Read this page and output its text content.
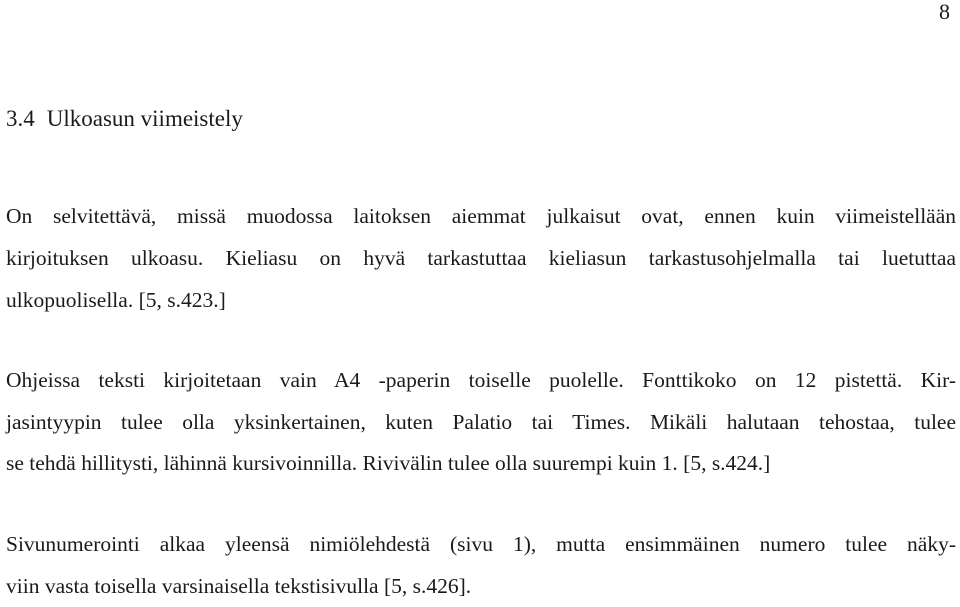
8
3.4 Ulkoasun viimeistely

On selvitettävä, missä muodossa laitoksen aiemmat julkaisut ovat, ennen kuin viimeistellään
kirjoituksen ulkoasu. Kieliasu on hyvä tarkastuttaa kieliasun tarkastusohjelmalla tai luetuttaa
ulkopuolisella. [5, s.423.]

Ohjeissa teksti kirjoitetaan vain A4 -paperin toiselle puolelle. Fonttikoko on 12 pistettä. Kir-
jasintyypin tulee olla yksinkertainen, kuten Palatio tai Times. Mikäli halutaan tehostaa, tulee
se tehdä hillitysti, lähinnä kursivoinnilla. Rivivälin tulee olla suurempi kuin 1. [5, s.424.]

Sivunumerointi alkaa yleensä nimiölehdestä (sivu 1), mutta ensimmäinen numero tulee näky-
viin vasta toisella varsinaisella tekstisivulla [5, s.426].
